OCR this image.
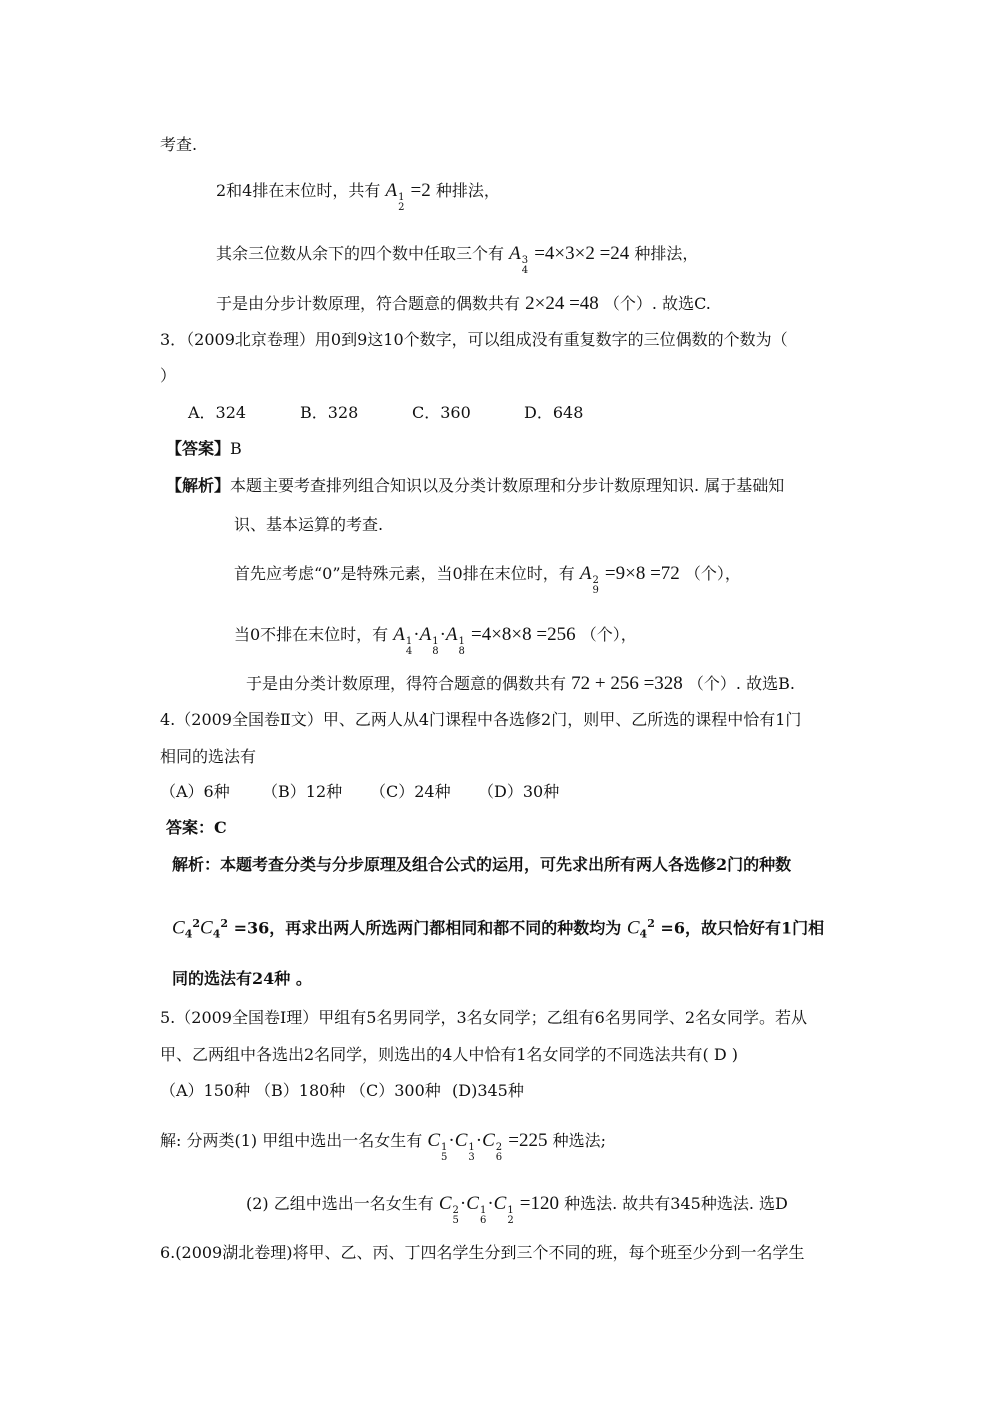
考查.
2和4排在末位时，共有 A 1
2
=2 种排法，
其余三位数从余下的四个数中任取三个有 A 3
4
=4×3×2 =24 种排法，
于是由分步计数原理，符合题意的偶数共有 2×24 =48 （个）. 故选C.
3．（2009北京卷理）用0到9这10个数字，可以组成没有重复数字的三位偶数的个数为（
）
A．324	B．328	C．360	D．648
【答案】B
【解析】本题主要考查排列组合知识以及分类计数原理和分步计数原理知识. 属于基础知
识、基本运算的考查.
首先应考虑“0”是特殊元素，当0排在末位时，有 A 2
9
=9×8 =72 （个），
当0不排在末位时，有 A 1
4
·A 1
8
·A 1
8
=4×8×8 =256 （个），
于是由分类计数原理，得符合题意的偶数共有 72 + 256 =328 （个）. 故选B.
4.（2009全国卷Ⅱ文）甲、乙两人从4门课程中各选修2门，则甲、乙所选的课程中恰有1门
相同的选法有
（A）6种 （B）12种 （C）24种 （D）30种
答案：C
解析：本题考查分类与分步原理及组合公式的运用，可先求出所有两人各选修2门的种数
$C_4^2C_4^2 =36$，再求出两人所选两门都相同和都不同的种数均为 $C_4^2 =6$，故只恰好有1门相
同的选法有24种 。
5.（2009全国卷Ⅰ理）甲组有5名男同学，3名女同学；乙组有6名男同学、2名女同学。若从
甲、乙两组中各选出2名同学，则选出的4人中恰有1名女同学的不同选法共有( D )
（A）150种 （B）180种 （C）300种 (D)345种
解: 分两类(1) 甲组中选出一名女生有 C 1
5
·C 1
3
·C 2
6
=225 种选法;
(2) 乙组中选出一名女生有 C 2
5
·C 1
6
·C 1
2
=120 种选法. 故共有345种选法. 选D
6.(2009湖北卷理)将甲、乙、丙、丁四名学生分到三个不同的班，每个班至少分到一名学生
